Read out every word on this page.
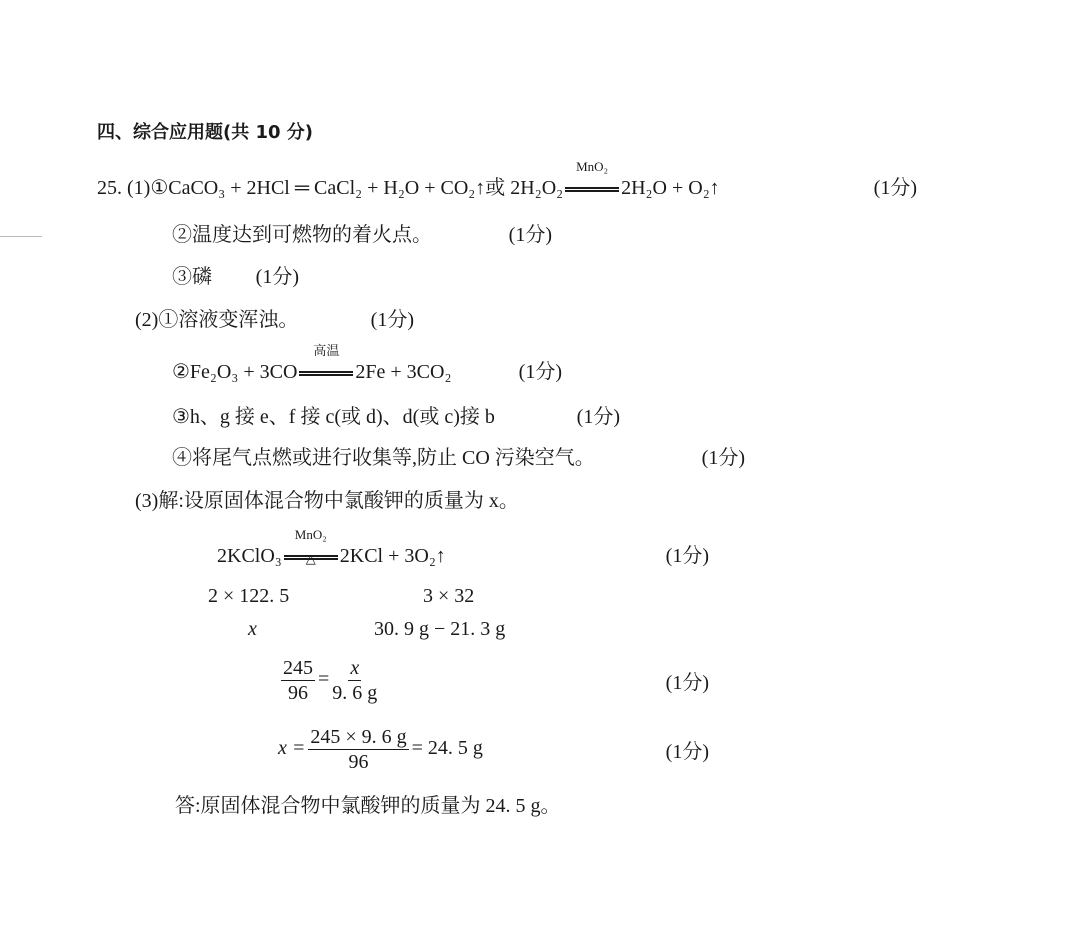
四、综合应用题(共 10 分)
25. (1)①CaCO₃ + 2HCl ═ CaCl₂ + H₂O + CO₂↑或 2H₂O₂
MnO₂
2H₂O + O₂↑	(1分)
②温度达到可燃物的着火点。	(1分)
③磷 (1分)
(2)①溶液变浑浊。	(1分)
②Fe₂O₃ + 3CO
高温
2Fe + 3CO₂	(1分)
③h、g 接 e、f 接 c(或 d)、d(或 c)接 b	(1分)
④将尾气点燃或进行收集等,防止 CO 污染空气。	(1分)
(3)解:设原固体混合物中氯酸钾的质量为 x。
2KClO₃
MnO₂
△	2KCl + 3O₂↑	(1分)
2 × 122. 5	3 × 32
x	30. 9 g − 21. 3 g
$\frac{245}{96} = \frac{x}{9. 6 g}$	(1分)
$x = \frac{245 \times 9. 6 g}{96} = 24$. 5 g	(1分)
答:原固体混合物中氯酸钾的质量为 24. 5 g。
